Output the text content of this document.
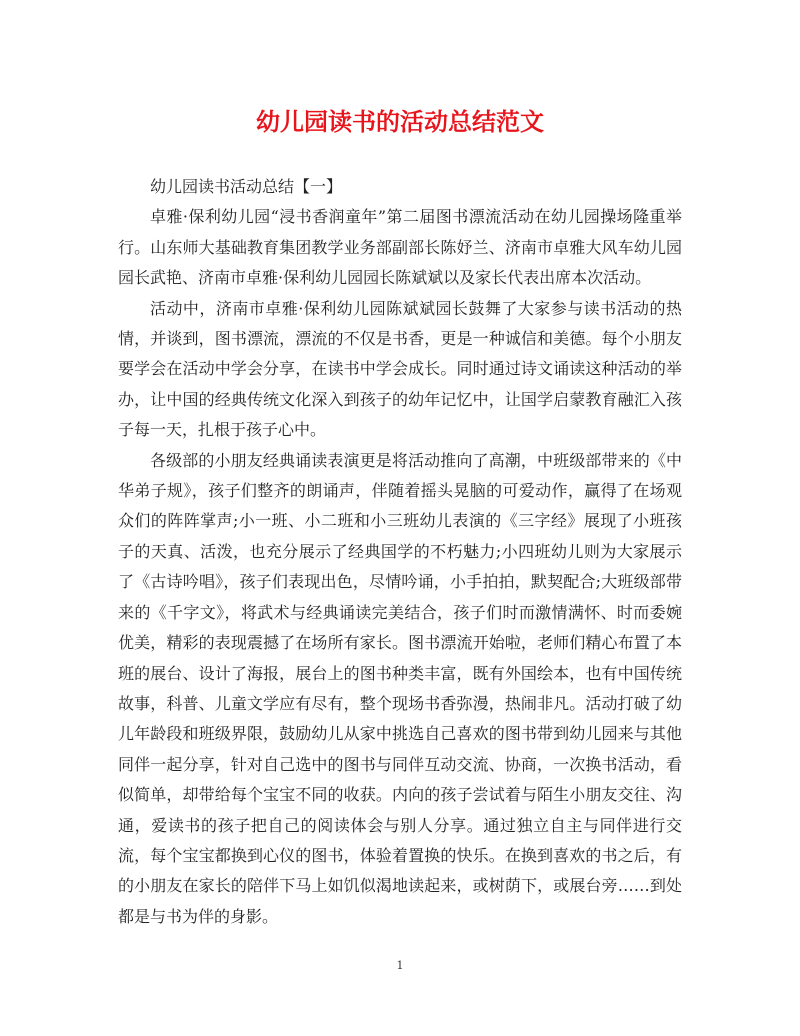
幼儿园读书的活动总结范文

幼儿园读书活动总结【一】

卓雅·保利幼儿园“浸书香润童年”第二届图书漂流活动在幼儿园操场隆重举行。山东师大基础教育集团教学业务部副部长陈妤兰、济南市卓雅大风车幼儿园园长武艳、济南市卓雅·保利幼儿园园长陈斌斌以及家长代表出席本次活动。

活动中，济南市卓雅·保利幼儿园陈斌斌园长鼓舞了大家参与读书活动的热情，并谈到，图书漂流，漂流的不仅是书香，更是一种诚信和美德。每个小朋友要学会在活动中学会分享，在读书中学会成长。同时通过诗文诵读这种活动的举办，让中国的经典传统文化深入到孩子的幼年记忆中，让国学启蒙教育融汇入孩子每一天，扎根于孩子心中。

各级部的小朋友经典诵读表演更是将活动推向了高潮，中班级部带来的《中华弟子规》，孩子们整齐的朗诵声，伴随着摇头晃脑的可爱动作，赢得了在场观众们的阵阵掌声;小一班、小二班和小三班幼儿表演的《三字经》展现了小班孩子的天真、活泼，也充分展示了经典国学的不朽魅力;小四班幼儿则为大家展示了《古诗吟唱》，孩子们表现出色，尽情吟诵，小手拍拍，默契配合;大班级部带来的《千字文》，将武术与经典诵读完美结合，孩子们时而激情满怀、时而委婉优美，精彩的表现震撼了在场所有家长。图书漂流开始啦，老师们精心布置了本班的展台、设计了海报，展台上的图书种类丰富，既有外国绘本，也有中国传统故事，科普、儿童文学应有尽有，整个现场书香弥漫，热闹非凡。活动打破了幼儿年龄段和班级界限，鼓励幼儿从家中挑选自己喜欢的图书带到幼儿园来与其他同伴一起分享，针对自己选中的图书与同伴互动交流、协商，一次换书活动，看似简单，却带给每个宝宝不同的收获。内向的孩子尝试着与陌生小朋友交往、沟通，爱读书的孩子把自己的阅读体会与别人分享。通过独立自主与同伴进行交流，每个宝宝都换到心仪的图书，体验着置换的快乐。在换到喜欢的书之后，有的小朋友在家长的陪伴下马上如饥似渴地读起来，或树荫下，或展台旁……到处都是与书为伴的身影。

1
